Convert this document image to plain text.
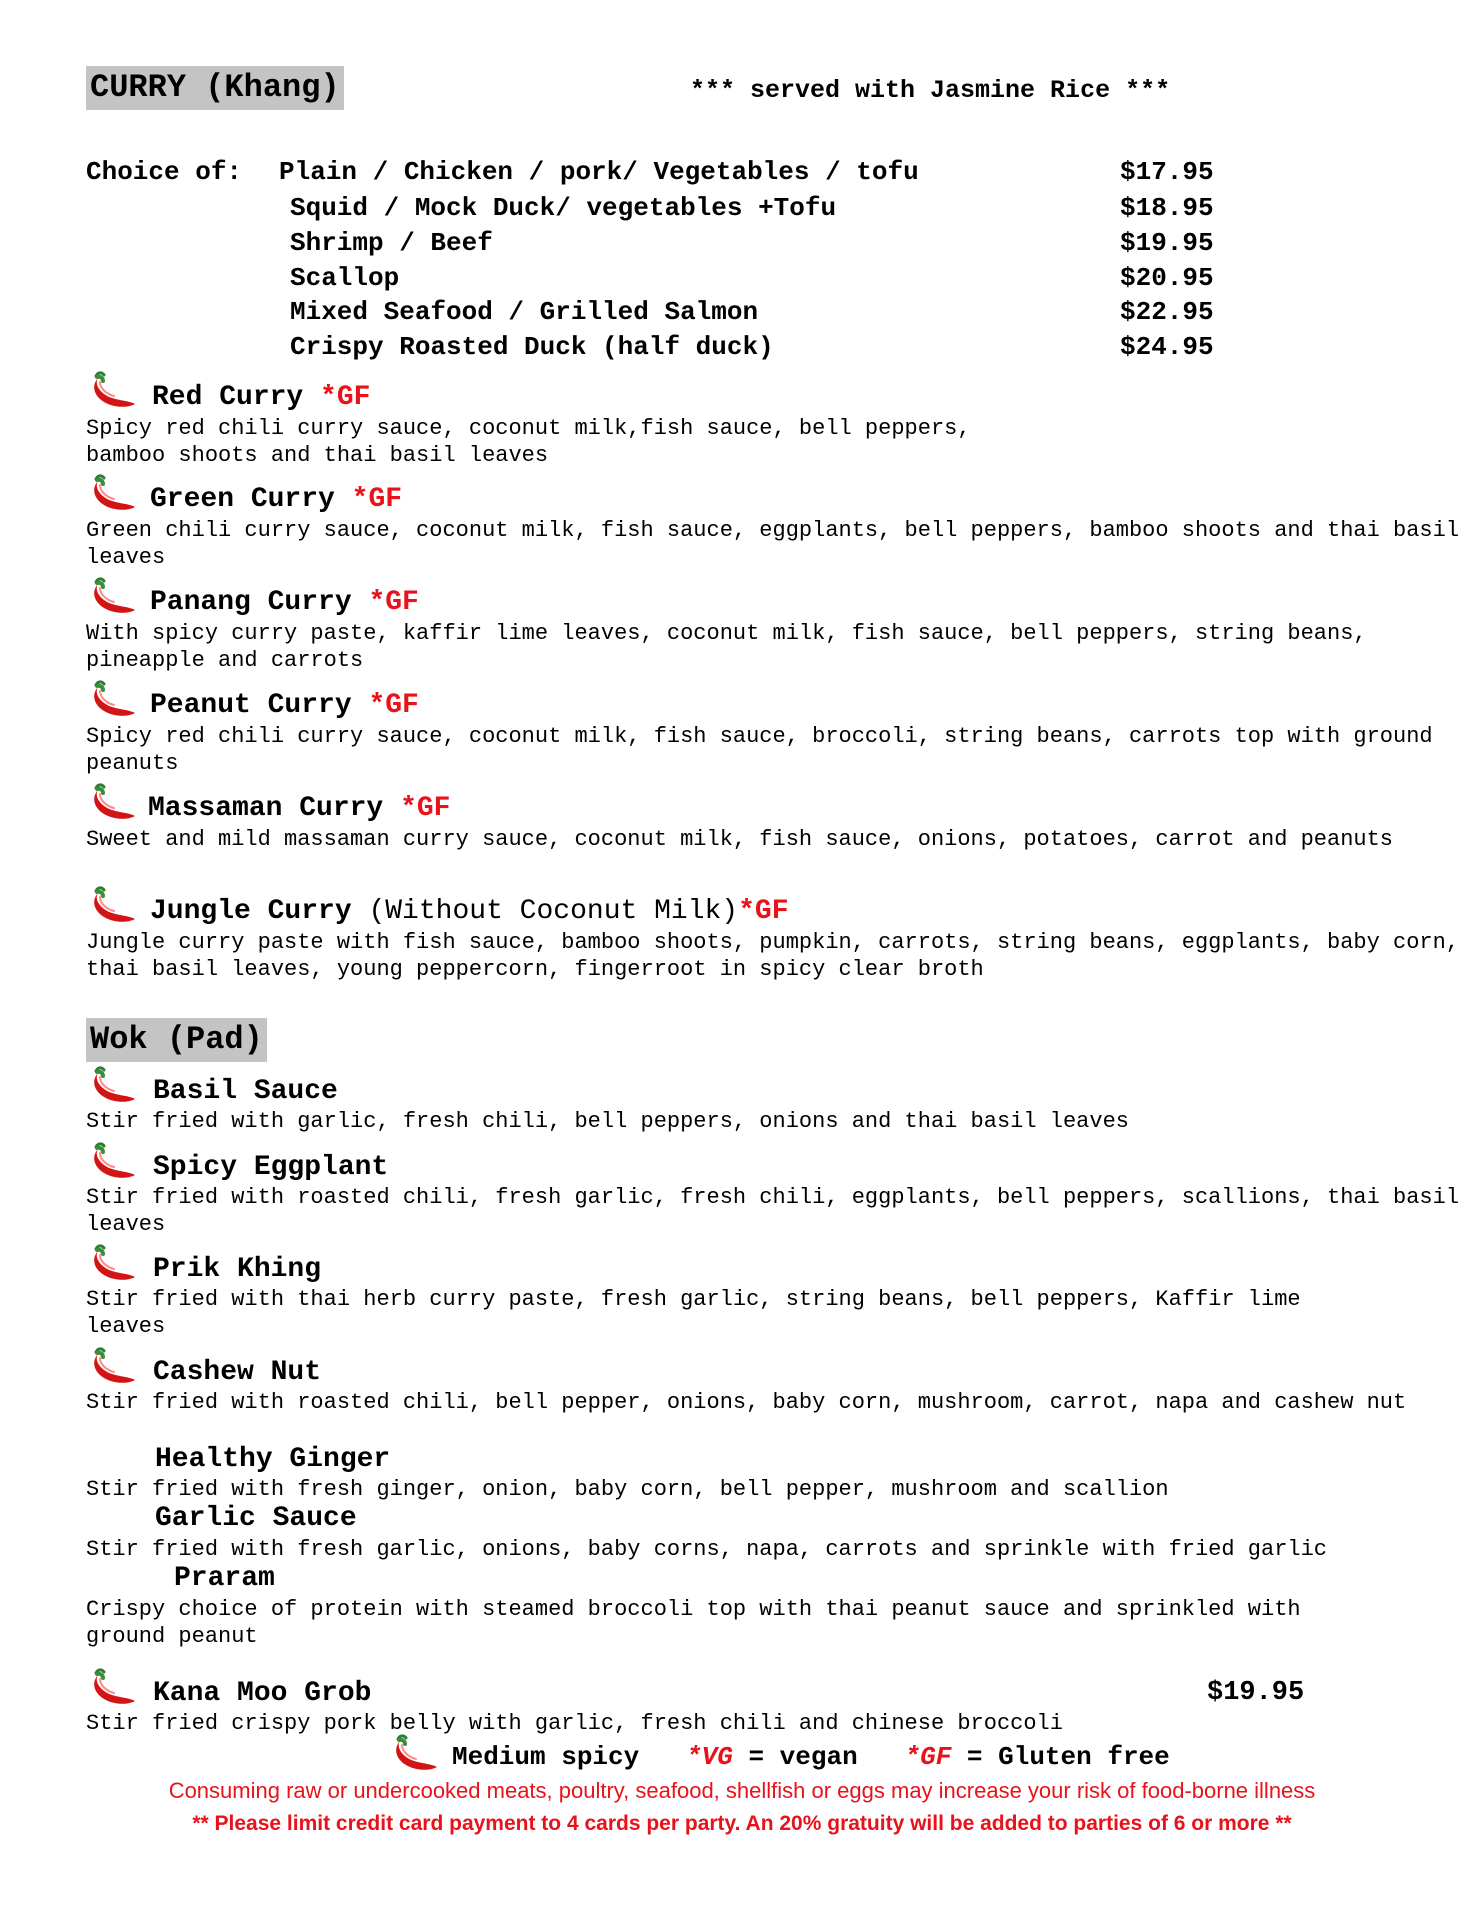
CURRY (Khang)	*** served with Jasmine Rice ***
Choice of: Plain / Chicken / pork/ Vegetables / tofu	$17.95
Squid / Mock Duck/ vegetables +Tofu	$18.95
Shrimp / Beef	$19.95
Scallop	$20.95
Mixed Seafood / Grilled Salmon	$22.95
Crispy Roasted Duck (half duck)	$24.95
Red Curry *GF
Spicy red chili curry sauce, coconut milk,fish sauce, bell peppers, bamboo shoots and thai basil leaves
Green Curry *GF
Green chili curry sauce, coconut milk, fish sauce, eggplants, bell peppers, bamboo shoots and thai basil leaves
Panang Curry *GF
With spicy curry paste, kaffir lime leaves, coconut milk, fish sauce, bell peppers, string beans, pineapple and carrots
Peanut Curry *GF
Spicy red chili curry sauce, coconut milk, fish sauce, broccoli, string beans, carrots top with ground peanuts
Massaman Curry *GF
Sweet and mild massaman curry sauce, coconut milk, fish sauce, onions, potatoes, carrot and peanuts
Jungle Curry (Without Coconut Milk)*GF
Jungle curry paste with fish sauce, bamboo shoots, pumpkin, carrots, string beans, eggplants, baby corn, thai basil leaves, young peppercorn, fingerroot in spicy clear broth
Wok (Pad)
Basil Sauce
Stir fried with garlic, fresh chili, bell peppers, onions and thai basil leaves
Spicy Eggplant
Stir fried with roasted chili, fresh garlic, fresh chili, eggplants, bell peppers, scallions, thai basil leaves
Prik Khing
Stir fried with thai herb curry paste, fresh garlic, string beans, bell peppers, Kaffir lime leaves
Cashew Nut
Stir fried with roasted chili, bell pepper, onions, baby corn, mushroom, carrot, napa and cashew nut
Healthy Ginger
Stir fried with fresh ginger, onion, baby corn, bell pepper, mushroom and scallion
Garlic Sauce
Stir fried with fresh garlic, onions, baby corns, napa, carrots and sprinkle with fried garlic
Praram
Crispy choice of protein with steamed broccoli top with thai peanut sauce and sprinkled with ground peanut
Kana Moo Grob	$19.95
Stir fried crispy pork belly with garlic, fresh chili and chinese broccoli
Medium spicy *VG = vegan *GF = Gluten free
Consuming raw or undercooked meats, poultry, seafood, shellfish or eggs may increase your risk of food-borne illness
** Please limit credit card payment to 4 cards per party. An 20% gratuity will be added to parties of 6 or more **
